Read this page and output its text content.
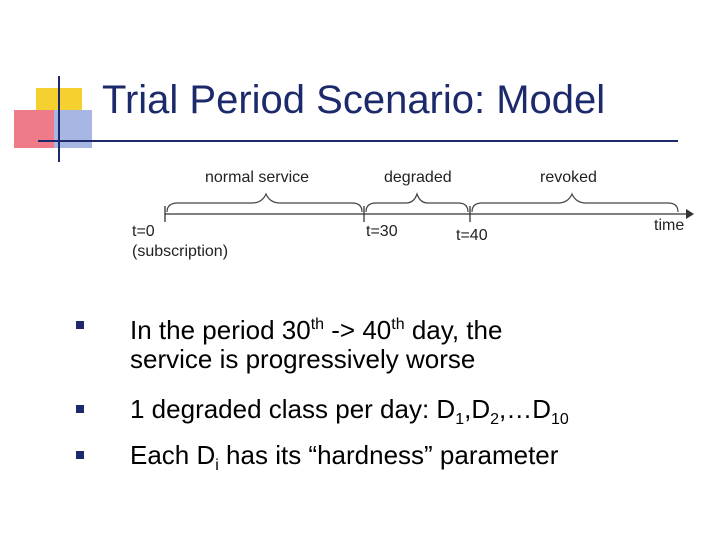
Trial Period Scenario: Model
normal service	degraded	revoked
t=0
(subscription)
t=30	t=40
time
In the period 30th -> 40th day, the
service is progressively worse
1 degraded class per day: $D_1,D_2,\dots D_{10}$
Each $D_i$ has its “hardness” parameter
